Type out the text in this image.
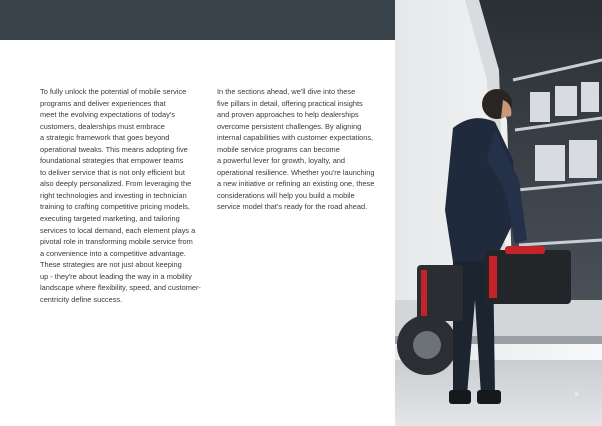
To fully unlock the potential of mobile service
programs and deliver experiences that
meet the evolving expectations of today's
customers, dealerships must embrace
a strategic framework that goes beyond
operational tweaks. This means adopting five
foundational strategies that empower teams
to deliver service that is not only efficient but
also deeply personalized. From leveraging the
right technologies and investing in technician
training to crafting competitive pricing models,
executing targeted marketing, and tailoring
services to local demand, each element plays a
pivotal role in transforming mobile service from
a convenience into a competitive advantage.
These strategies are not just about keeping
up - they're about leading the way in a mobility
landscape where flexibility, speed, and customer-
centricity define success.
In the sections ahead, we'll dive into these
five pillars in detail, offering practical insights
and proven approaches to help dealerships
overcome persistent challenges. By aligning
internal capabilities with customer expectations,
mobile service programs can become
a powerful lever for growth, loyalty, and
operational resilience. Whether you're launching
a new initiative or refining an existing one, these
considerations will help you build a mobile
service model that's ready for the road ahead.
3
